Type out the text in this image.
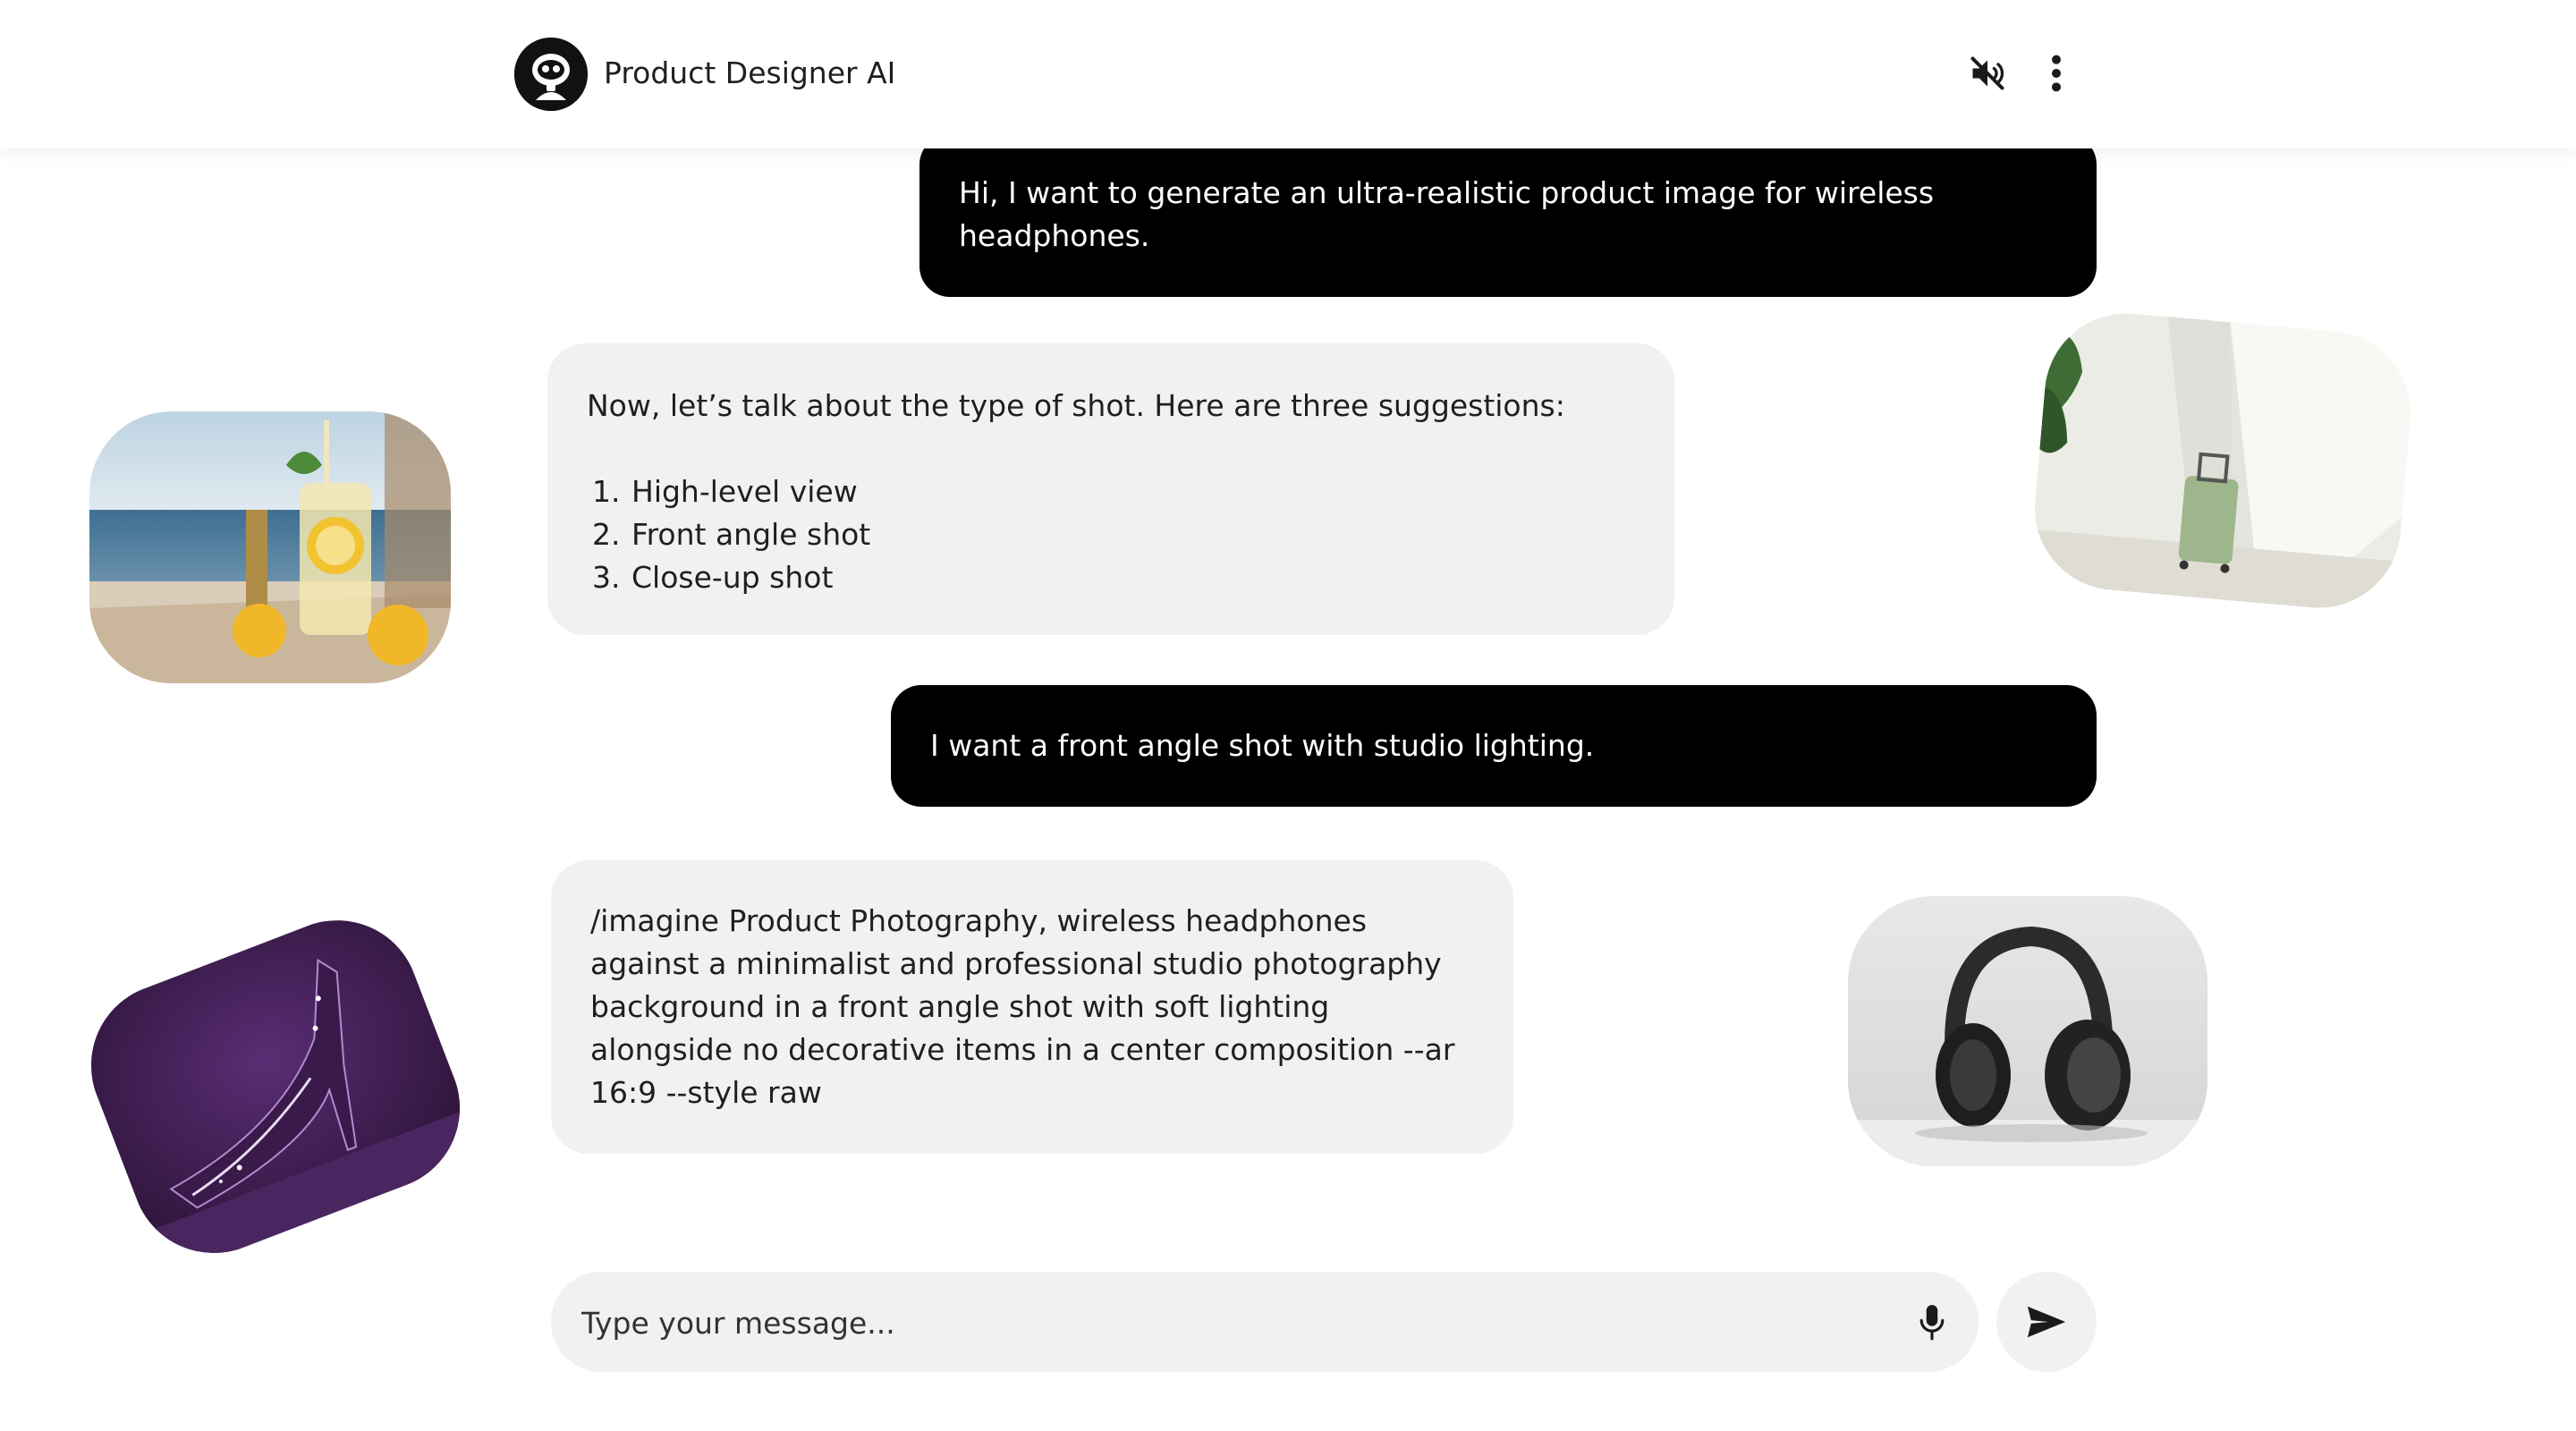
Product Designer AI
Hi, I want to generate an ultra-realistic product image for wireless headphones.
Now, let’s talk about the type of shot. Here are three suggestions:
1. High-level view
2. Front angle shot
3. Close-up shot
I want a front angle shot with studio lighting.
/imagine Product Photography, wireless headphones against a minimalist and professional studio photography background in a front angle shot with soft lighting alongside no decorative items in a center composition --ar 16:9 --style raw
Type your message...
